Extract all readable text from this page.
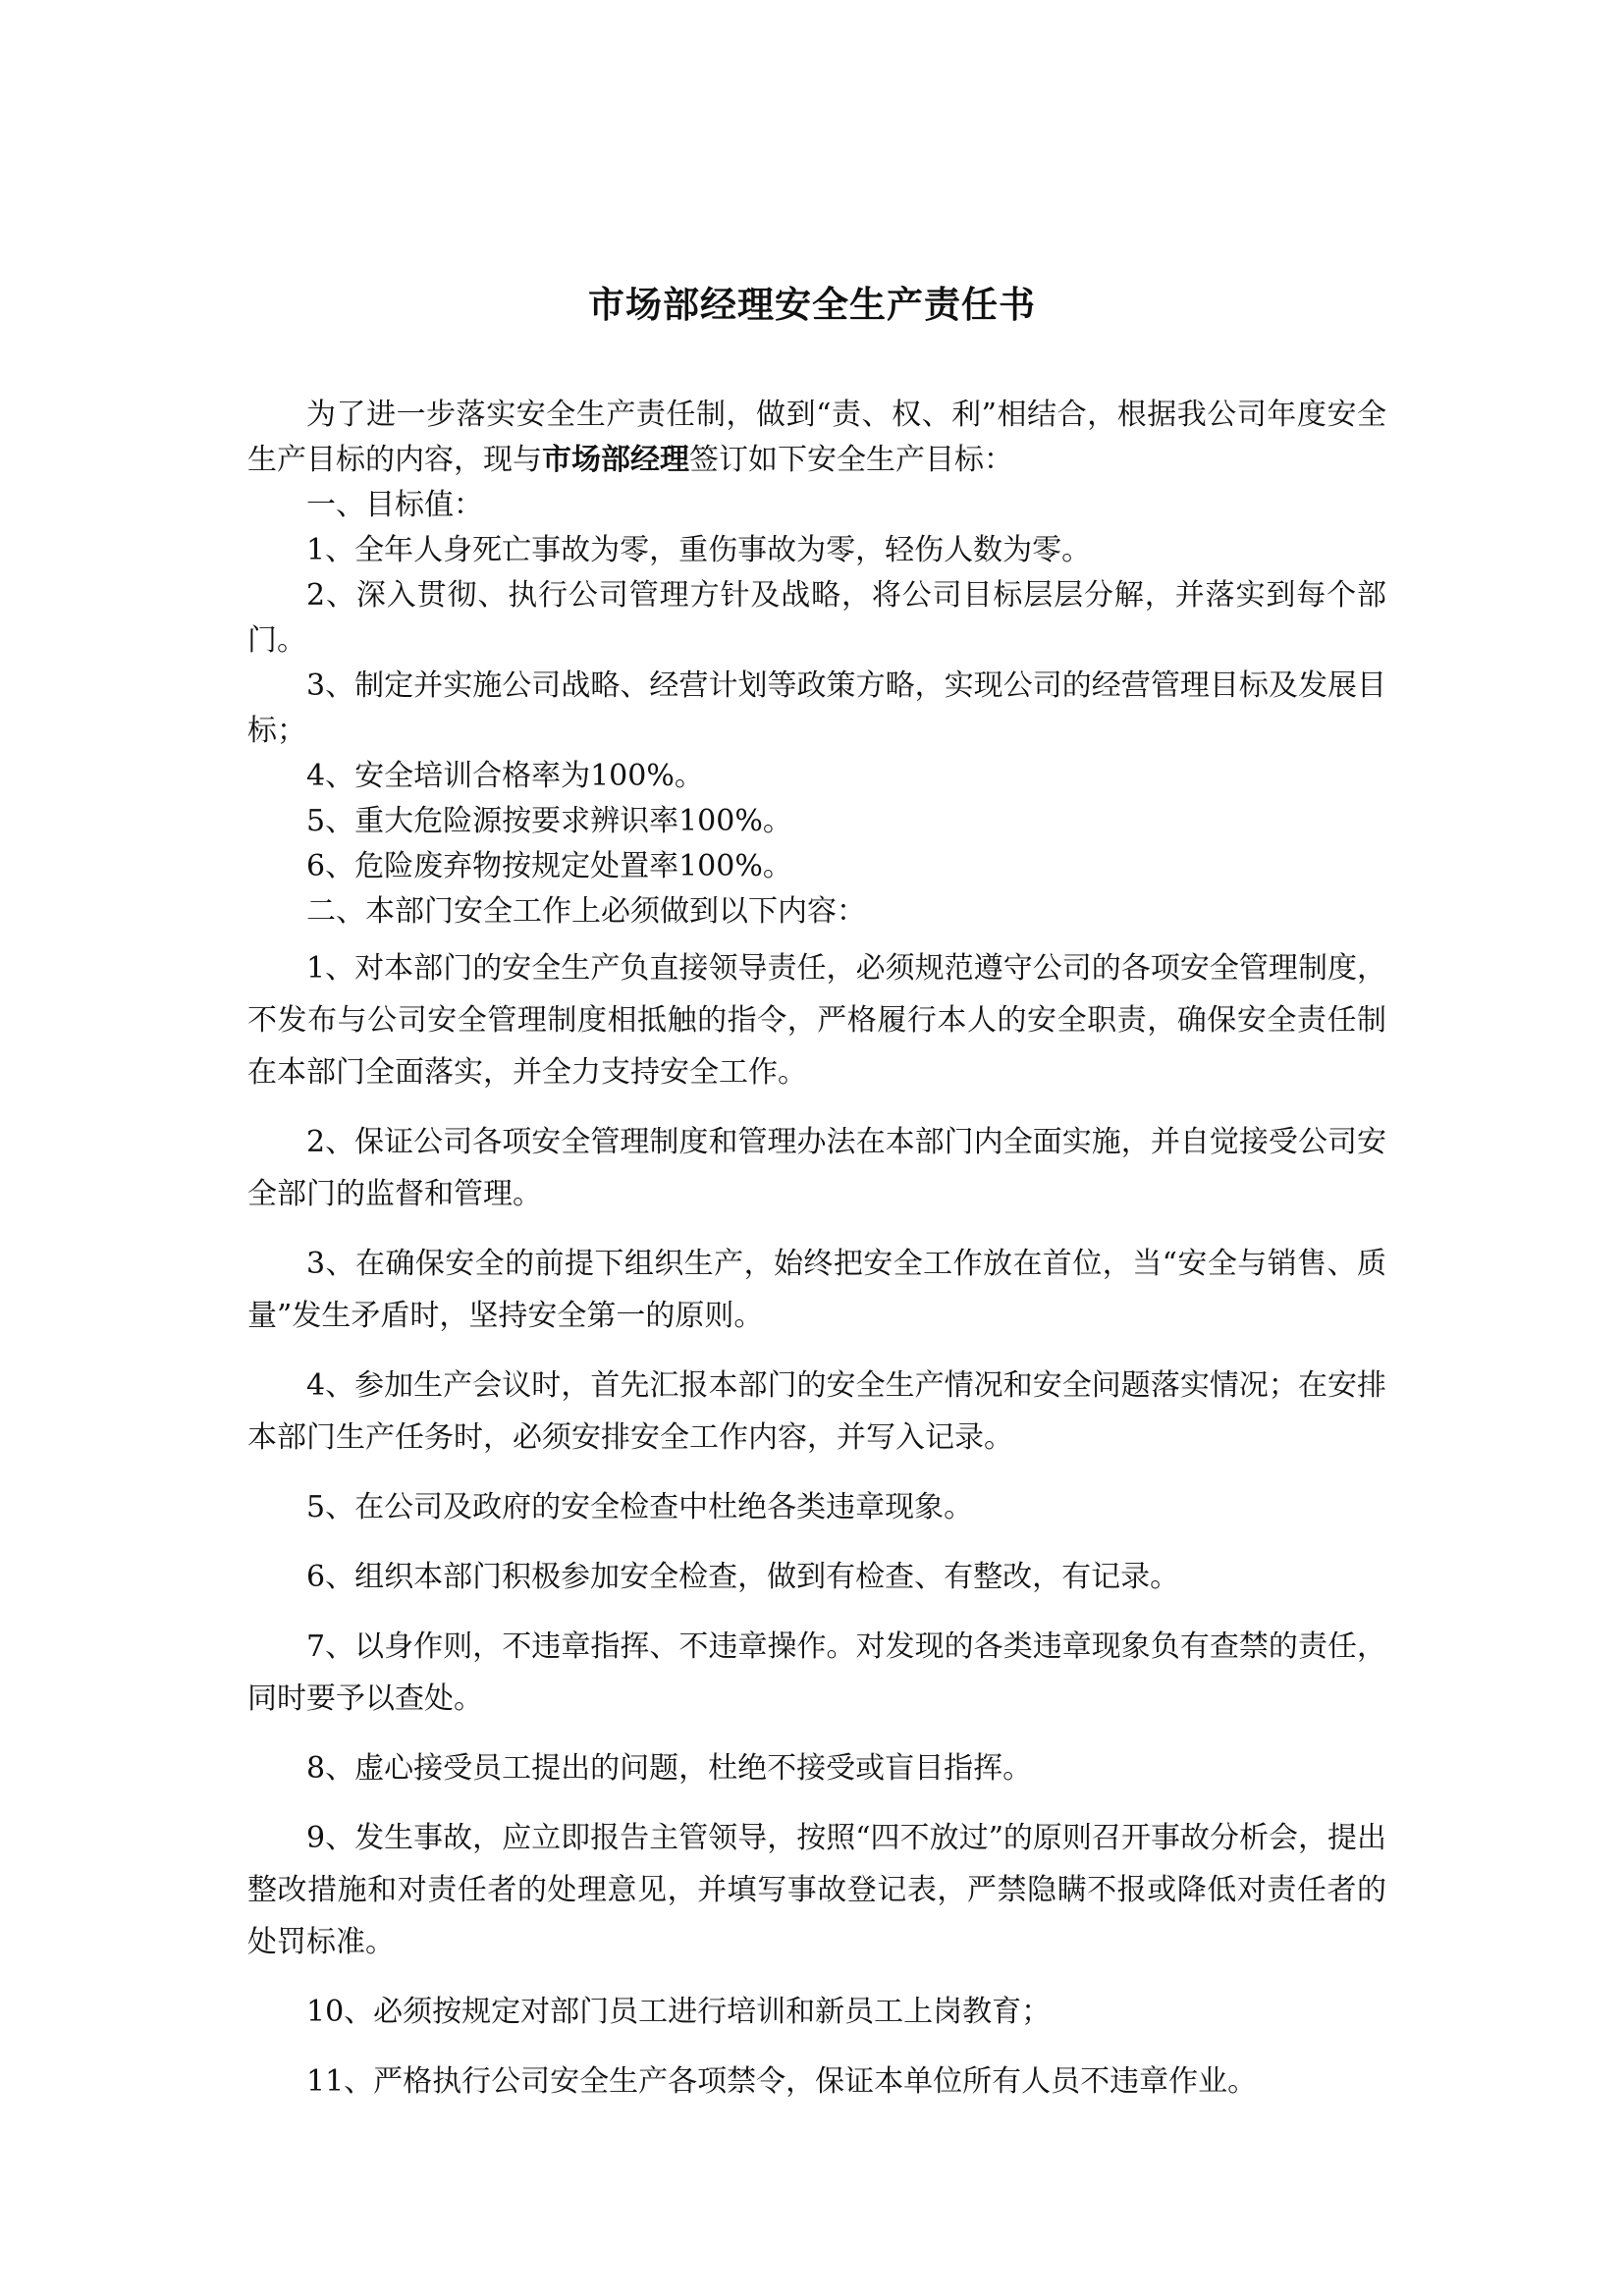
市场部经理安全生产责任书

为了进一步落实安全生产责任制，做到“责、权、利”相结合，根据我公司年度安全生产目标的内容，现与市场部经理签订如下安全生产目标：

一、目标值：

1、全年人身死亡事故为零，重伤事故为零，轻伤人数为零。

2、深入贯彻、执行公司管理方针及战略，将公司目标层层分解，并落实到每个部门。

3、制定并实施公司战略、经营计划等政策方略，实现公司的经营管理目标及发展目标；

4、安全培训合格率为100%。

5、重大危险源按要求辨识率100%。

6、危险废弃物按规定处置率100%。

二、本部门安全工作上必须做到以下内容：

1、对本部门的安全生产负直接领导责任，必须规范遵守公司的各项安全管理制度，不发布与公司安全管理制度相抵触的指令，严格履行本人的安全职责，确保安全责任制在本部门全面落实，并全力支持安全工作。

2、保证公司各项安全管理制度和管理办法在本部门内全面实施，并自觉接受公司安全部门的监督和管理。

3、在确保安全的前提下组织生产，始终把安全工作放在首位，当“安全与销售、质量”发生矛盾时，坚持安全第一的原则。

4、参加生产会议时，首先汇报本部门的安全生产情况和安全问题落实情况；在安排本部门生产任务时，必须安排安全工作内容，并写入记录。

5、在公司及政府的安全检查中杜绝各类违章现象。

6、组织本部门积极参加安全检查，做到有检查、有整改，有记录。

7、以身作则，不违章指挥、不违章操作。对发现的各类违章现象负有查禁的责任，同时要予以查处。

8、虚心接受员工提出的问题，杜绝不接受或盲目指挥。

9、发生事故，应立即报告主管领导，按照“四不放过”的原则召开事故分析会，提出整改措施和对责任者的处理意见，并填写事故登记表，严禁隐瞒不报或降低对责任者的处罚标准。

10、必须按规定对部门员工进行培训和新员工上岗教育；

11、严格执行公司安全生产各项禁令，保证本单位所有人员不违章作业。
